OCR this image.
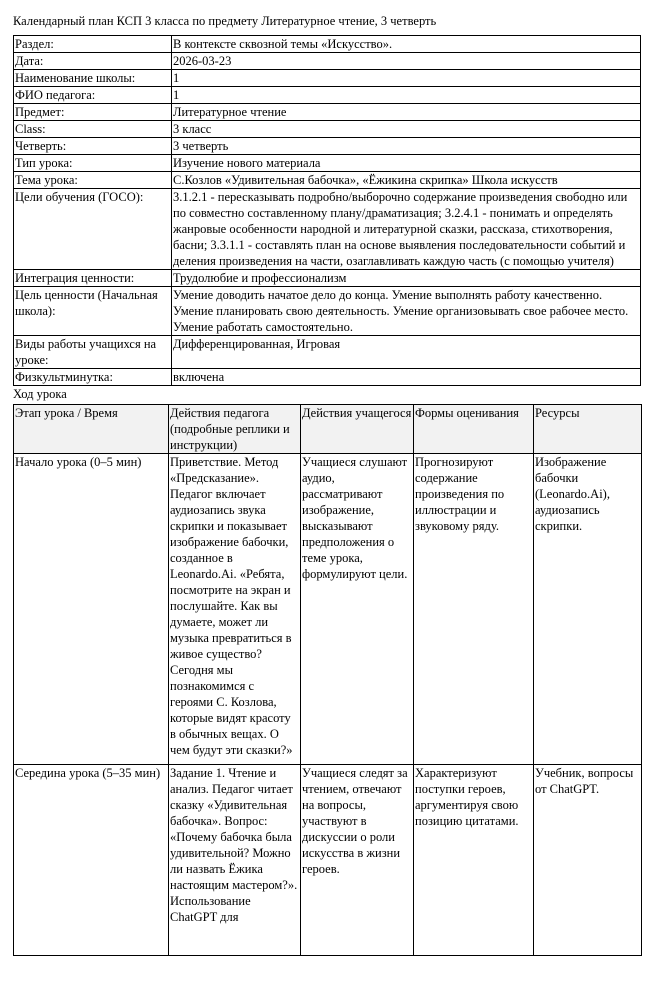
Календарный план КСП 3 класса по предмету Литературное чтение, 3 четверть
Раздел:	В контексте сквозной темы «Искусство».
Дата:	2026-03-23
Наименование школы:	1
ФИО педагога:	1
Предмет:	Литературное чтение
Class:	3 класс
Четверть:	3 четверть
Тип урока:	Изучение нового материала
Тема урока:	С.Козлов «Удивительная бабочка», «Ёжикина скрипка» Школа искусств
Цели обучения (ГОСО):	3.1.2.1 - пересказывать подробно/выборочно содержание произведения свободно или по совместно составленному плану/драматизация; 3.2.4.1 - понимать и определять жанровые особенности народной и литературной сказки, рассказа, стихотворения, басни; 3.3.1.1 - составлять план на основе выявления последовательности событий и деления произведения на части, озаглавливать каждую часть (с помощью учителя)
Интеграция ценности:	Трудолюбие и профессионализм
Цель ценности (Начальная школа):	Умение доводить начатое дело до конца. Умение выполнять работу качественно. Умение планировать свою деятельность. Умение организовывать свое рабочее место. Умение работать самостоятельно.
Виды работы учащихся на уроке:	Дифференцированная, Игровая
Физкультминутка:	включена
Ход урока
Этап урока / Время	Действия педагога (подробные реплики и инструкции)	Действия учащегося	Формы оценивания	Ресурсы
Начало урока (0–5 мин)	Приветствие. Метод «Предсказание». Педагог включает аудиозапись звука скрипки и показывает изображение бабочки, созданное в Leonardo.Ai. «Ребята, посмотрите на экран и послушайте. Как вы думаете, может ли музыка превратиться в живое существо? Сегодня мы познакомимся с героями С. Козлова, которые видят красоту в обычных вещах. О чем будут эти сказки?»	Учащиеся слушают аудио, рассматривают изображение, высказывают предположения о теме урока, формулируют цели.	Прогнозируют содержание произведения по иллюстрации и звуковому ряду.	Изображение бабочки (Leonardo.Ai), аудиозапись скрипки.
Середина урока (5–35 мин)	Задание 1. Чтение и анализ. Педагог читает сказку «Удивительная бабочка». Вопрос: «Почему бабочка была удивительной? Можно ли назвать Ёжика настоящим мастером?». Использование ChatGPT для	Учащиеся следят за чтением, отвечают на вопросы, участвуют в дискуссии о роли искусства в жизни героев.	Характеризуют поступки героев, аргументируя свою позицию цитатами.	Учебник, вопросы от ChatGPT.
